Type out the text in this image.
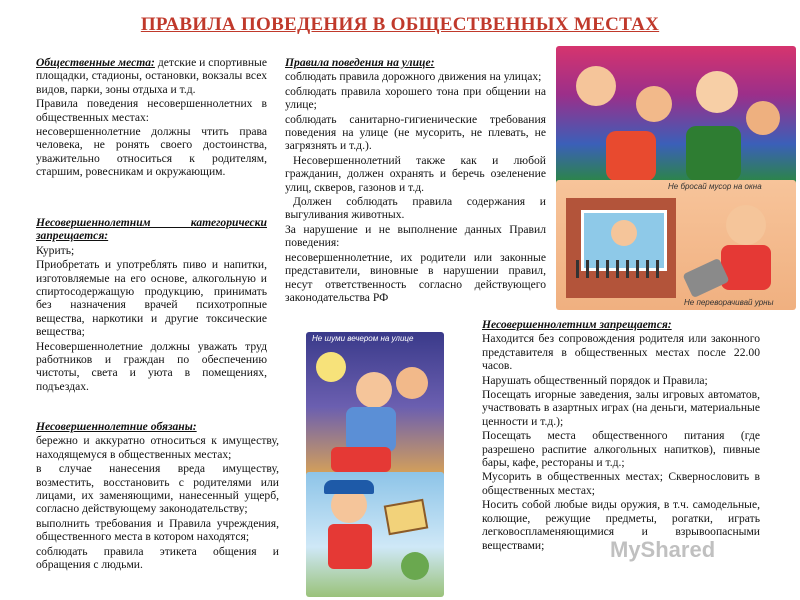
ПРАВИЛА ПОВЕДЕНИЯ В ОБЩЕСТВЕННЫХ МЕСТАХ

Общественные места: детские и спортивные площадки, стадионы, остановки, вокзалы всех видов, парки, зоны отдыха и т.д.

Правила поведения несовершеннолетних в общественных местах:

несовершеннолетние должны чтить права человека, не ронять своего достоинства, уважительно относиться к родителям, старшим, ровесникам и окружающим.

Несовершеннолетним категорически запрещается:

Курить;

Приобретать и употреблять пиво и напитки, изготовляемые на его основе, алкогольную и спиртосодержащую продукцию, принимать без назначения врачей психотропные вещества, наркотики и другие токсические вещества;

Несовершеннолетние должны уважать труд работников и граждан по обеспечению чистоты, света и уюта в помещениях, подъездах.

Несовершеннолетние обязаны:

бережно и аккуратно относиться к имуществу, находящемуся в общественных местах;

в случае нанесения вреда имуществу, возместить, восстановить с родителями или лицами, их заменяющими, нанесенный ущерб, согласно действующему законодательству;

выполнить требования и Правила учреждения, общественного места в котором находятся;

соблюдать правила этикета общения и обращения с людьми.

Правила поведения на улице:

соблюдать правила дорожного движения на улицах;

соблюдать правила хорошего тона при общении на улице;

соблюдать санитарно-гигиенические требования поведения на улице (не мусорить, не плевать, не загрязнять и т.д.).

Несовершеннолетний также как и любой гражданин, должен охранять и беречь озеленение улиц, скверов, газонов и т.д.

Должен соблюдать правила содержания и выгуливания животных.

За нарушение и не выполнение данных Правил поведения:

несовершеннолетние, их родители или законные представители, виновные в нарушении правил, несут ответственность согласно действующего законодательства РФ

Несовершеннолетним запрещается:

Находится без сопровождения родителя или законного представителя в общественных местах после 22.00 часов.

Нарушать общественный порядок и Правила;

Посещать игорные заведения, залы игровых автоматов, участвовать в азартных играх (на деньги, материальные ценности и т.д.);

Посещать места общественного питания (где разрешено распитие алкогольных напитков), пивные бары, кафе, рестораны и т.д.;

Мусорить в общественных местах; Сквернословить в общественных местах;

Носить собой любые виды оружия, в т.ч. самодельные, колющие, режущие предметы, рогатки, играть легковоспламеняющимися и взрывоопасными веществами;

Не бросай мусор на окна
Не переворачивай урны
Не шуми вечером на улице
MyShared
